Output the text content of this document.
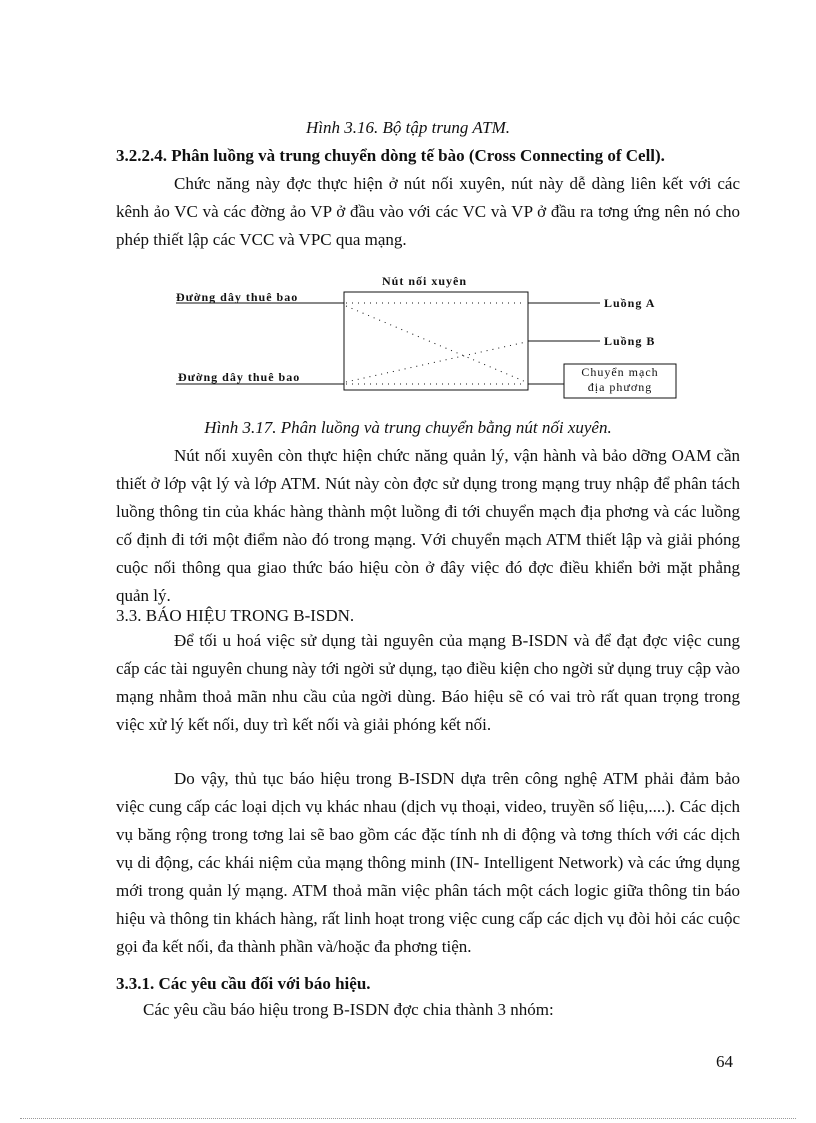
Hình 3.16. Bộ tập trung ATM.
3.2.2.4. Phân luồng và trung chuyển dòng tế bào (Cross Connecting of Cell).
Chức năng này đợc thực hiện ở nút nối xuyên, nút này dễ dàng liên kết với các kênh ảo VC và các đờng ảo VP ở đầu vào với các VC và VP ở đầu ra tơng ứng nên nó cho phép thiết lập các VCC và VPC qua mạng.
Nút nối xuyên
Đường dây thuê bao
Đường dây thuê bao
Luồng A
Luồng B
Chuyển mạch
địa phương
Hình 3.17. Phân luồng và trung chuyển bằng nút nối xuyên.
Nút nối xuyên còn thực hiện chức năng quản lý, vận hành và bảo dỡng OAM cần thiết ở lớp vật lý và lớp ATM. Nút này còn đợc sử dụng trong mạng truy nhập để phân tách luồng thông tin của khác hàng thành một luồng đi tới chuyển mạch địa phơng và các luồng cố định đi tới một điểm nào đó trong mạng. Với chuyển mạch ATM thiết lập và giải phóng cuộc nối thông qua giao thức báo hiệu còn ở đây việc đó đợc điều khiển bởi mặt phẳng quản lý.
3.3. BÁO HIỆU TRONG B-ISDN.
Để tối u hoá việc sử dụng tài nguyên của mạng B-ISDN và để đạt đợc việc cung cấp các tài nguyên chung này tới ngời sử dụng, tạo điều kiện cho ngời sử dụng truy cập vào mạng nhằm thoả mãn nhu cầu của ngời dùng. Báo hiệu sẽ có vai trò rất quan trọng trong việc xử lý kết nối, duy trì kết nối và giải phóng kết nối.
Do vậy, thủ tục báo hiệu trong B-ISDN dựa trên công nghệ ATM phải đảm bảo việc cung cấp các loại dịch vụ khác nhau (dịch vụ thoại, video, truyền số liệu,....). Các dịch vụ băng rộng trong tơng lai sẽ bao gồm các đặc tính nh di động và tơng thích với các dịch vụ di động, các khái niệm của mạng thông minh (IN- Intelligent Network) và các ứng dụng mới trong quản lý mạng. ATM thoả mãn việc phân tách một cách logic giữa thông tin báo hiệu và thông tin khách hàng, rất linh hoạt trong việc cung cấp các dịch vụ đòi hỏi các cuộc gọi đa kết nối, đa thành phần và/hoặc đa phơng tiện.
3.3.1. Các yêu cầu đối với báo hiệu.
Các yêu cầu báo hiệu trong B-ISDN đợc chia thành 3 nhóm:
64
